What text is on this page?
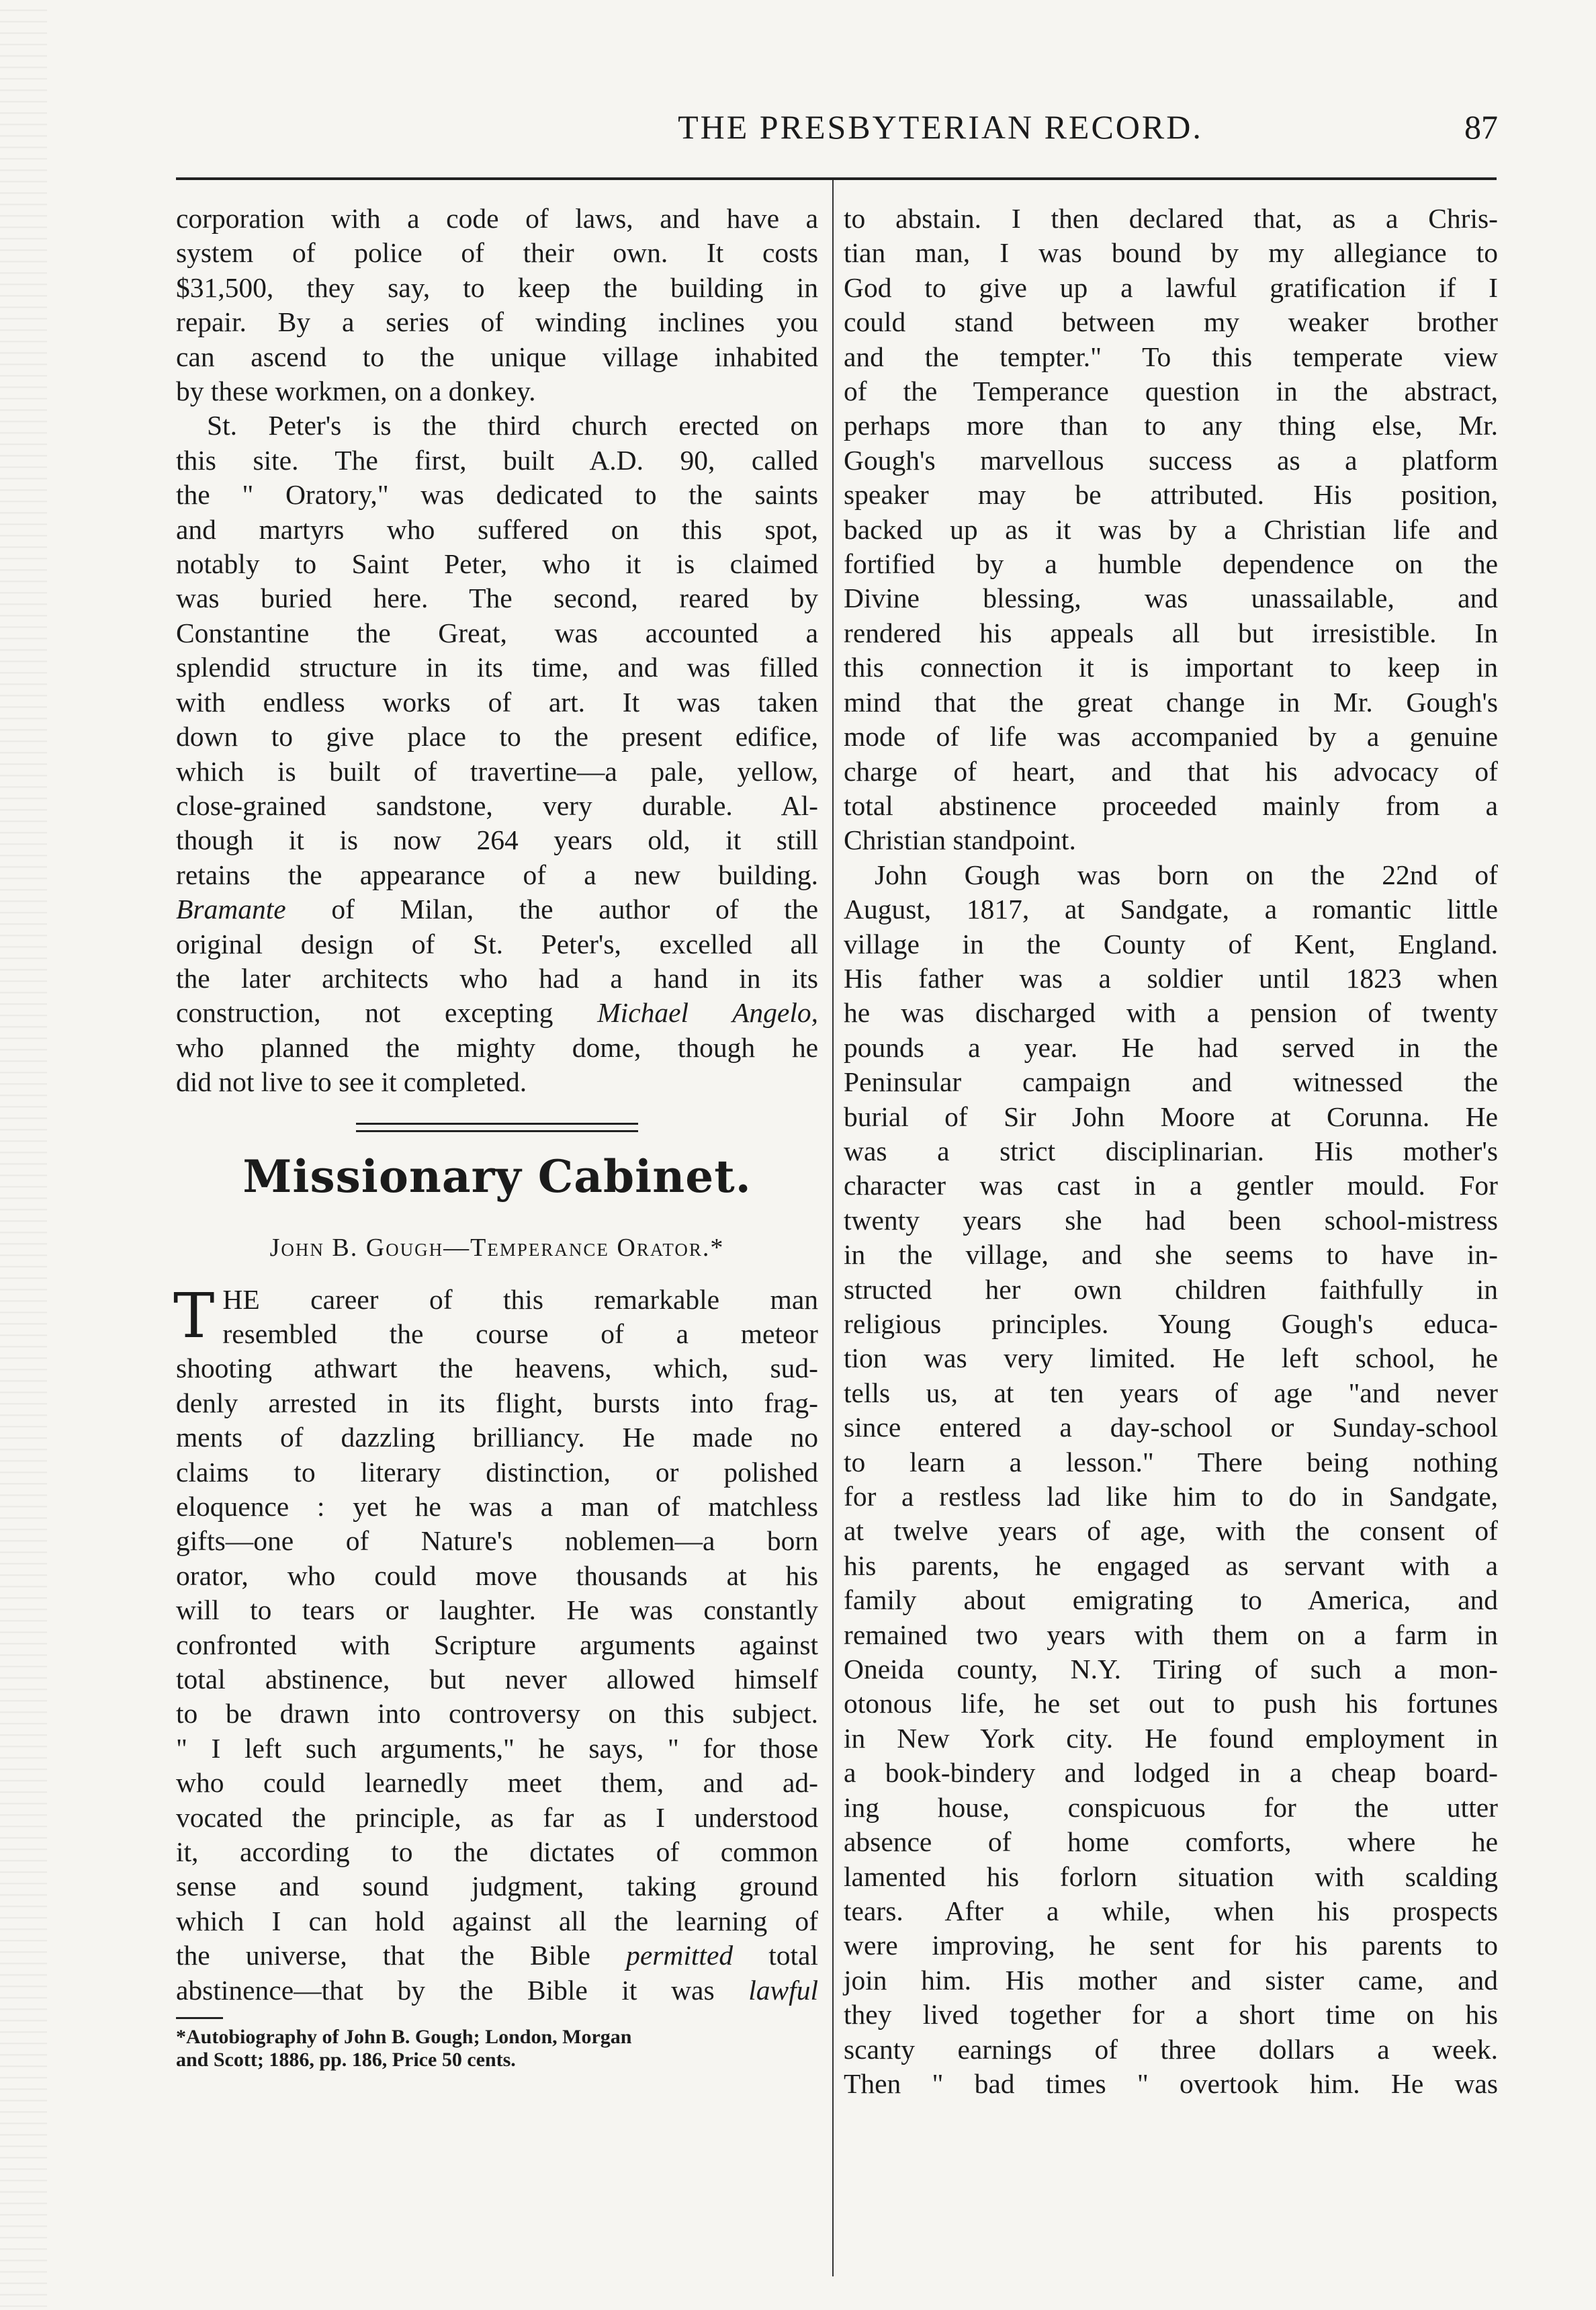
THE PRESBYTERIAN RECORD.	87

corporation with a code of laws, and have a
system of police of their own. It costs
$31,500, they say, to keep the building in
repair. By a series of winding inclines you
can ascend to the unique village inhabited
by these workmen, on a donkey.

St. Peter's is the third church erected on
this site. The first, built A.D. 90, called
the " Oratory," was dedicated to the saints
and martyrs who suffered on this spot,
notably to Saint Peter, who it is claimed
was buried here. The second, reared by
Constantine the Great, was accounted a
splendid structure in its time, and was filled
with endless works of art. It was taken
down to give place to the present edifice,
which is built of travertine—a pale, yellow,
close-grained sandstone, very durable. Al-
though it is now 264 years old, it still
retains the appearance of a new building.
Bramante of Milan, the author of the
original design of St. Peter's, excelled all
the later architects who had a hand in its
construction, not excepting Michael Angelo,
who planned the mighty dome, though he
did not live to see it completed.

Missionary Cabinet.
John B. Gough—Temperance Orator.*

T HE career of this remarkable man
resembled the course of a meteor
shooting athwart the heavens, which, sud-
denly arrested in its flight, bursts into frag-
ments of dazzling brilliancy. He made no
claims to literary distinction, or polished
eloquence : yet he was a man of matchless
gifts—one of Nature's noblemen—a born
orator, who could move thousands at his
will to tears or laughter. He was constantly
confronted with Scripture arguments against
total abstinence, but never allowed himself
to be drawn into controversy on this subject.
" I left such arguments," he says, " for those
who could learnedly meet them, and ad-
vocated the principle, as far as I understood
it, according to the dictates of common
sense and sound judgment, taking ground
which I can hold against all the learning of
the universe, that the Bible permitted total
abstinence—that by the Bible it was lawful

*Autobiography of John B. Gough; London, Morgan
and Scott; 1886, pp. 186, Price 50 cents.

to abstain. I then declared that, as a Chris-
tian man, I was bound by my allegiance to
God to give up a lawful gratification if I
could stand between my weaker brother
and the tempter." To this temperate view
of the Temperance question in the abstract,
perhaps more than to any thing else, Mr.
Gough's marvellous success as a platform
speaker may be attributed. His position,
backed up as it was by a Christian life and
fortified by a humble dependence on the
Divine blessing, was unassailable, and
rendered his appeals all but irresistible. In
this connection it is important to keep in
mind that the great change in Mr. Gough's
mode of life was accompanied by a genuine
charge of heart, and that his advocacy of
total abstinence proceeded mainly from a
Christian standpoint.

John Gough was born on the 22nd of
August, 1817, at Sandgate, a romantic little
village in the County of Kent, England.
His father was a soldier until 1823 when
he was discharged with a pension of twenty
pounds a year. He had served in the
Peninsular campaign and witnessed the
burial of Sir John Moore at Corunna. He
was a strict disciplinarian. His mother's
character was cast in a gentler mould. For
twenty years she had been school-mistress
in the village, and she seems to have in-
structed her own children faithfully in
religious principles. Young Gough's educa-
tion was very limited. He left school, he
tells us, at ten years of age "and never
since entered a day-school or Sunday-school
to learn a lesson." There being nothing
for a restless lad like him to do in Sandgate,
at twelve years of age, with the consent of
his parents, he engaged as servant with a
family about emigrating to America, and
remained two years with them on a farm in
Oneida county, N.Y. Tiring of such a mon-
otonous life, he set out to push his fortunes
in New York city. He found employment in
a book-bindery and lodged in a cheap board-
ing house, conspicuous for the utter
absence of home comforts, where he
lamented his forlorn situation with scalding
tears. After a while, when his prospects
were improving, he sent for his parents to
join him. His mother and sister came, and
they lived together for a short time on his
scanty earnings of three dollars a week.
Then " bad times " overtook him. He was
